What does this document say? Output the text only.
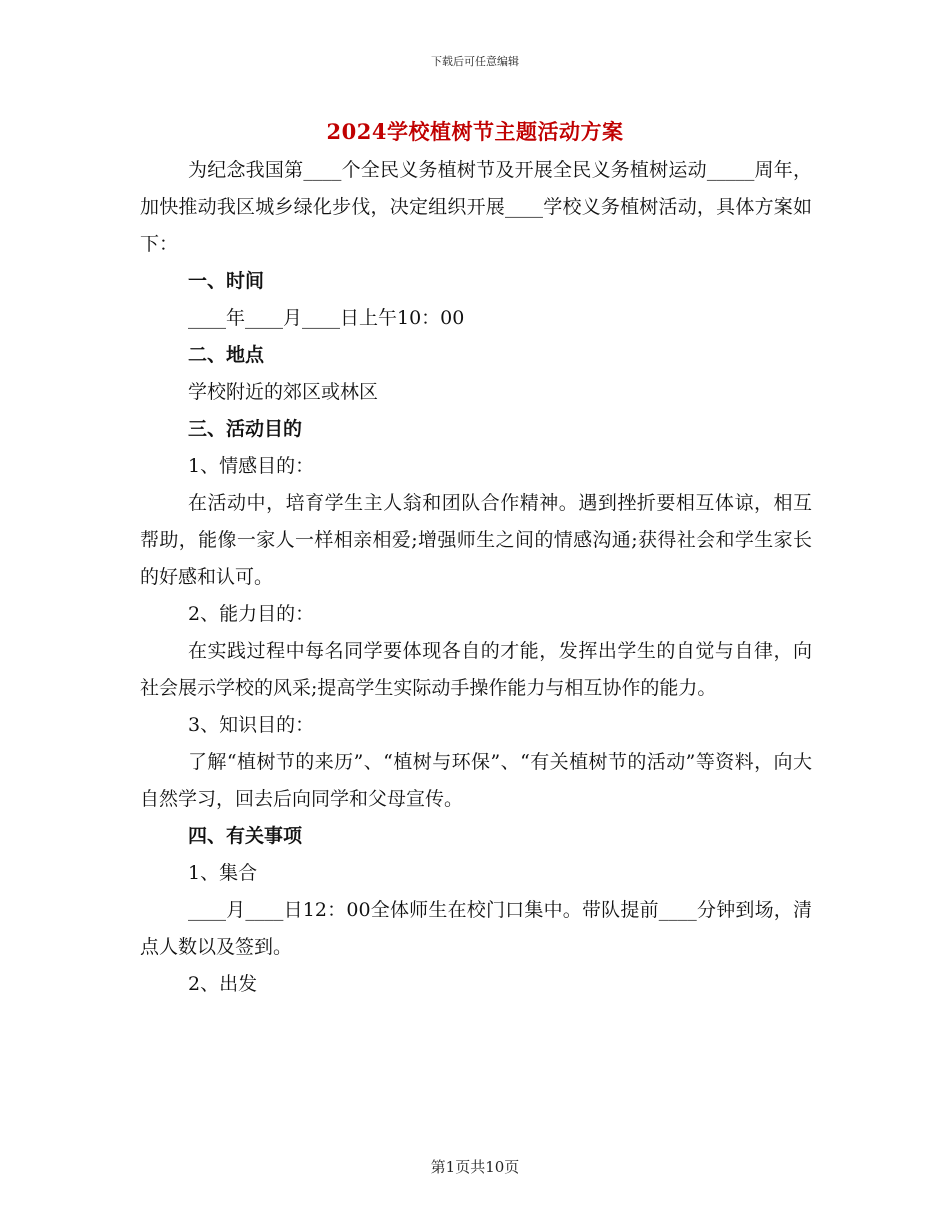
下载后可任意编辑
2024学校植树节主题活动方案

为纪念我国第____个全民义务植树节及开展全民义务植树运动_____周年，加快推动我区城乡绿化步伐，决定组织开展____学校义务植树活动，具体方案如下：

一、时间

____年____月____日上午10：00

二、地点

学校附近的郊区或林区

三、活动目的

1、情感目的：

在活动中，培育学生主人翁和团队合作精神。遇到挫折要相互体谅，相互帮助，能像一家人一样相亲相爱;增强师生之间的情感沟通;获得社会和学生家长的好感和认可。

2、能力目的：

在实践过程中每名同学要体现各自的才能，发挥出学生的自觉与自律，向社会展示学校的风采;提高学生实际动手操作能力与相互协作的能力。

3、知识目的：

了解“植树节的来历”、“植树与环保”、“有关植树节的活动”等资料，向大自然学习，回去后向同学和父母宣传。

四、有关事项

1、集合

____月____日12：00全体师生在校门口集中。带队提前____分钟到场，清点人数以及签到。

2、出发

第1页共10页
